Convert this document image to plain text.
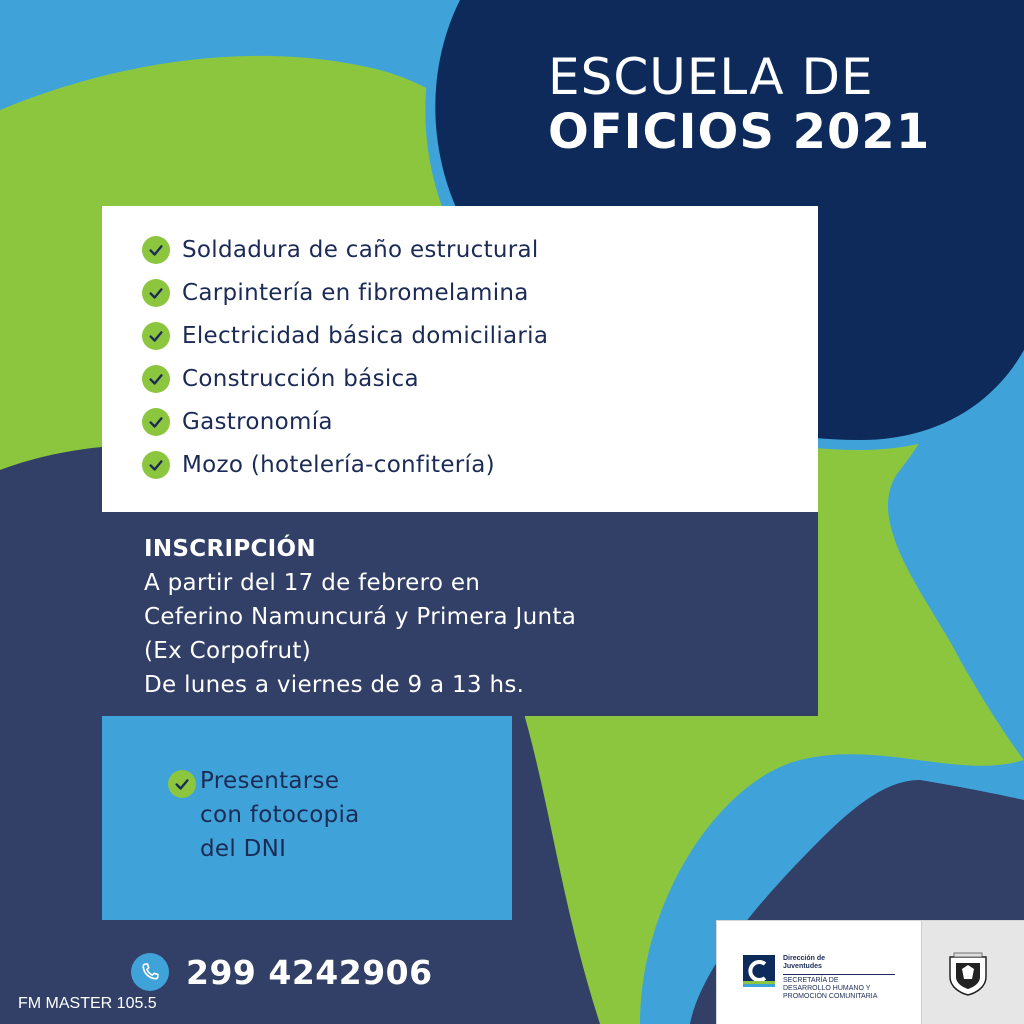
ESCUELA DE
OFICIOS 2021
Soldadura de caño estructural
Carpintería en fibromelamina
Electricidad básica domiciliaria
Construcción básica
Gastronomía
Mozo (hotelería-confitería)
INSCRIPCIÓN
A partir del 17 de febrero en
Ceferino Namuncurá y Primera Junta
(Ex Corpofrut)
De lunes a viernes de 9 a 13 hs.
Presentarse
con fotocopia
del DNI
299 4242906
FM MASTER 105.5
Dirección de
Juventudes
SECRETARÍA DE
DESARROLLO HUMANO Y
PROMOCIÓN COMUNITARIA
